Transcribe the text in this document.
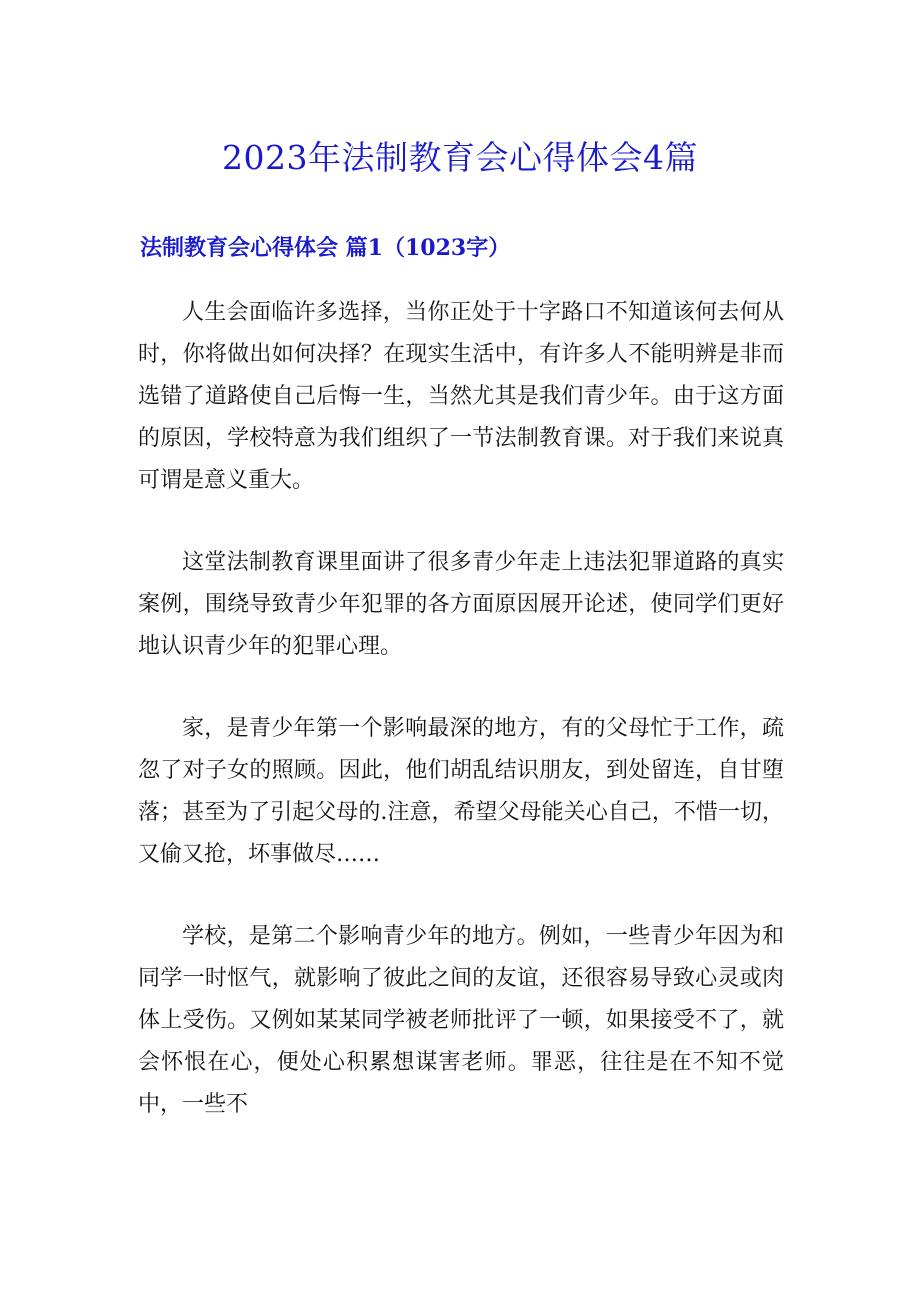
2023年法制教育会心得体会4篇
法制教育会心得体会 篇1（1023字）

人生会面临许多选择，当你正处于十字路口不知道该何去何从时，你将做出如何决择？在现实生活中，有许多人不能明辨是非而选错了道路使自己后悔一生，当然尤其是我们青少年。由于这方面的原因，学校特意为我们组织了一节法制教育课。对于我们来说真可谓是意义重大。

这堂法制教育课里面讲了很多青少年走上违法犯罪道路的真实案例，围绕导致青少年犯罪的各方面原因展开论述，使同学们更好地认识青少年的犯罪心理。

家，是青少年第一个影响最深的地方，有的父母忙于工作，疏忽了对子女的照顾。因此，他们胡乱结识朋友，到处留连，自甘堕落；甚至为了引起父母的.注意，希望父母能关心自己，不惜一切，又偷又抢，坏事做尽……

学校，是第二个影响青少年的地方。例如，一些青少年因为和同学一时怄气，就影响了彼此之间的友谊，还很容易导致心灵或肉体上受伤。又例如某某同学被老师批评了一顿，如果接受不了，就会怀恨在心，便处心积累想谋害老师。罪恶，往往是在不知不觉中，一些不
